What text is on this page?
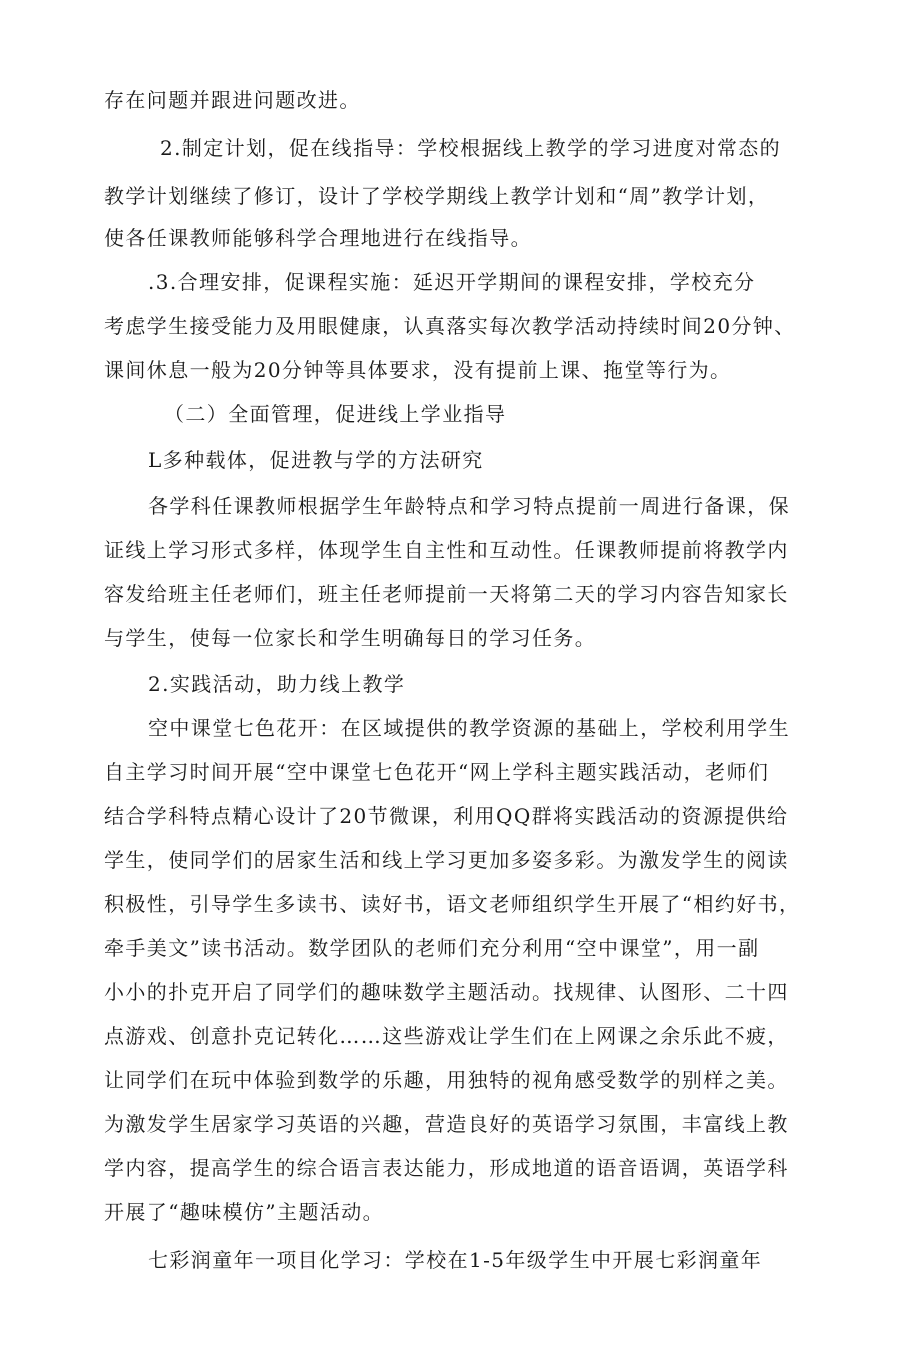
存在问题并跟进问题改进。
2.制定计划，促在线指导：学校根据线上教学的学习进度对常态的
教学计划继续了修订，设计了学校学期线上教学计划和“周”教学计划，
使各任课教师能够科学合理地进行在线指导。
.3.合理安排，促课程实施：延迟开学期间的课程安排，学校充分
考虑学生接受能力及用眼健康，认真落实每次教学活动持续时间20分钟、
课间休息一般为20分钟等具体要求，没有提前上课、拖堂等行为。
（二）全面管理，促进线上学业指导
L多种载体，促进教与学的方法研究
各学科任课教师根据学生年龄特点和学习特点提前一周进行备课，保
证线上学习形式多样，体现学生自主性和互动性。任课教师提前将教学内
容发给班主任老师们，班主任老师提前一天将第二天的学习内容告知家长
与学生，使每一位家长和学生明确每日的学习任务。
2.实践活动，助力线上教学
空中课堂七色花开：在区域提供的教学资源的基础上，学校利用学生
自主学习时间开展“空中课堂七色花开“网上学科主题实践活动，老师们
结合学科特点精心设计了20节微课，利用QQ群将实践活动的资源提供给
学生，使同学们的居家生活和线上学习更加多姿多彩。为激发学生的阅读
积极性，引导学生多读书、读好书，语文老师组织学生开展了“相约好书，
牵手美文”读书活动。数学团队的老师们充分利用“空中课堂”，用一副
小小的扑克开启了同学们的趣味数学主题活动。找规律、认图形、二十四
点游戏、创意扑克记转化……这些游戏让学生们在上网课之余乐此不疲，
让同学们在玩中体验到数学的乐趣，用独特的视角感受数学的别样之美。
为激发学生居家学习英语的兴趣，营造良好的英语学习氛围，丰富线上教
学内容，提高学生的综合语言表达能力，形成地道的语音语调，英语学科
开展了“趣味模仿”主题活动。
七彩润童年一项目化学习：学校在1-5年级学生中开展七彩润童年
